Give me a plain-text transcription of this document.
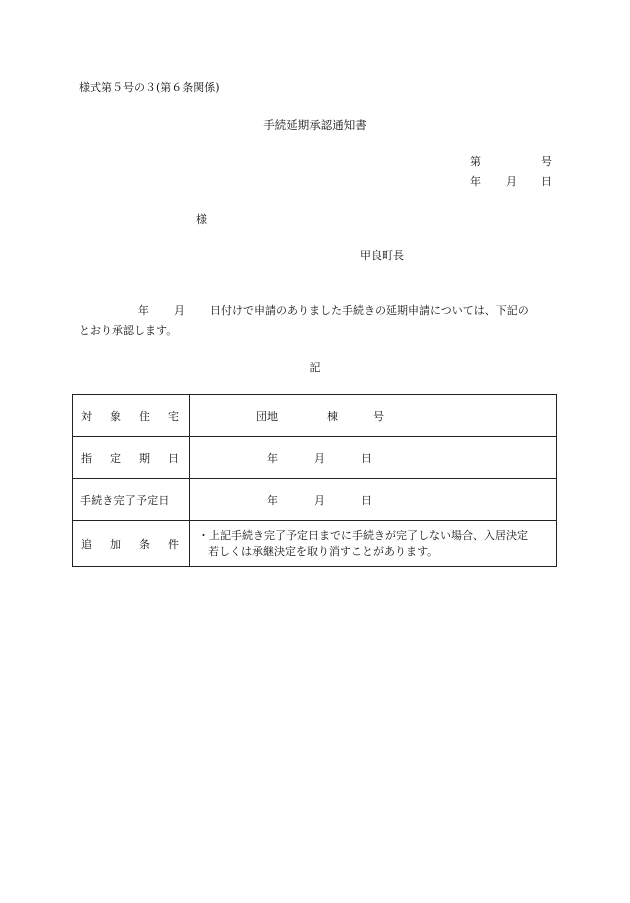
様式第５号の３(第６条関係)
手続延期承認通知書
第	号
年 月 日
様
甲良町長
年 月 日付けで申請のありました手続きの延期申請については、下記の
とおり承認します。
記
対 象 住 宅	団地 棟 号

指 定 期 日	年 月 日

手続き完了予定日	年 月 日

追 加 条 件	・上記手続き完了予定日までに手続きが完了しない場合、入居決定
若しくは承継決定を取り消すことがあります。
